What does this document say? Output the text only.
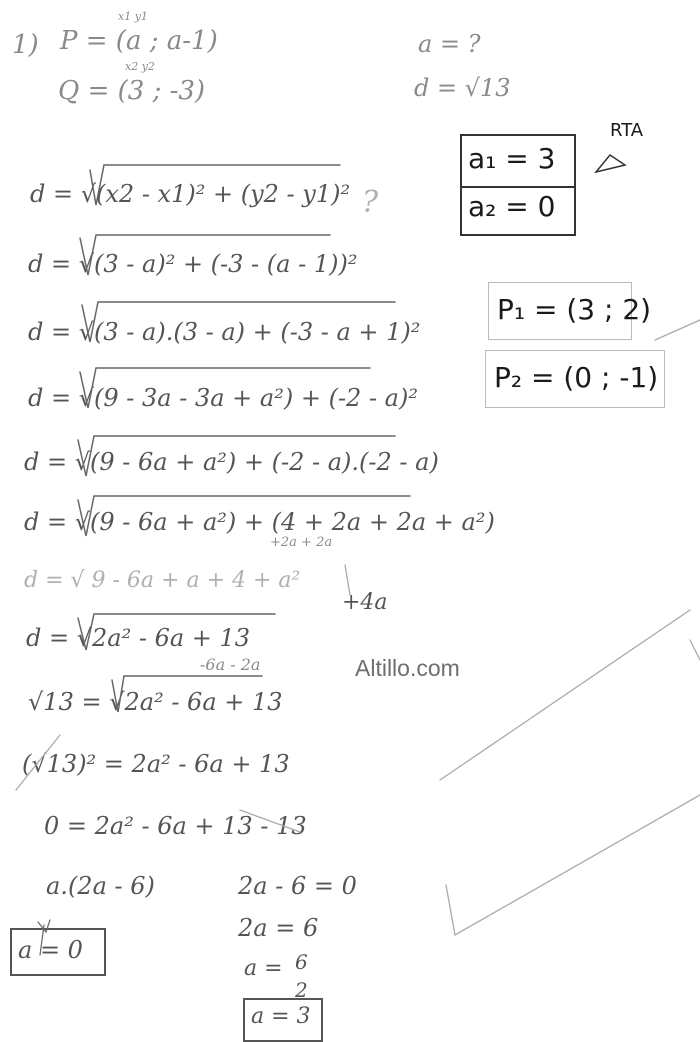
1)
x1 y1
P = (a ; a-1)
x2 y2
Q = (3 ; -3)
a = ?
d = √13
d = √(x2 - x1)² + (y2 - y1)² ?
d = √(3 - a)² + (-3 - (a - 1))²
d = √(3 - a).(3 - a) + (-3 - a + 1)²
d = √(9 - 3a - 3a + a²) + (-2 - a)²
d = √(9 - 6a + a²) + (-2 - a).(-2 - a)
d = √(9 - 6a + a²) + (4 + 2a + 2a + a²)
+2a + 2a
d = √ 9 - 6a + a + 4 + a²
+4a
d = √2a² - 6a + 13
-6a - 2a
√13 = √2a² - 6a + 13
(√13)² = 2a² - 6a + 13
0 = 2a² - 6a + 13 - 13
a.(2a - 6)
a = 0
2a - 6 = 0
2a = 6
a = 6
2
a = 3
RTA
a₁ = 3
a₂ = 0
P₁ = (3 ; 2)
P₂ = (0 ; -1)
Altillo.com
